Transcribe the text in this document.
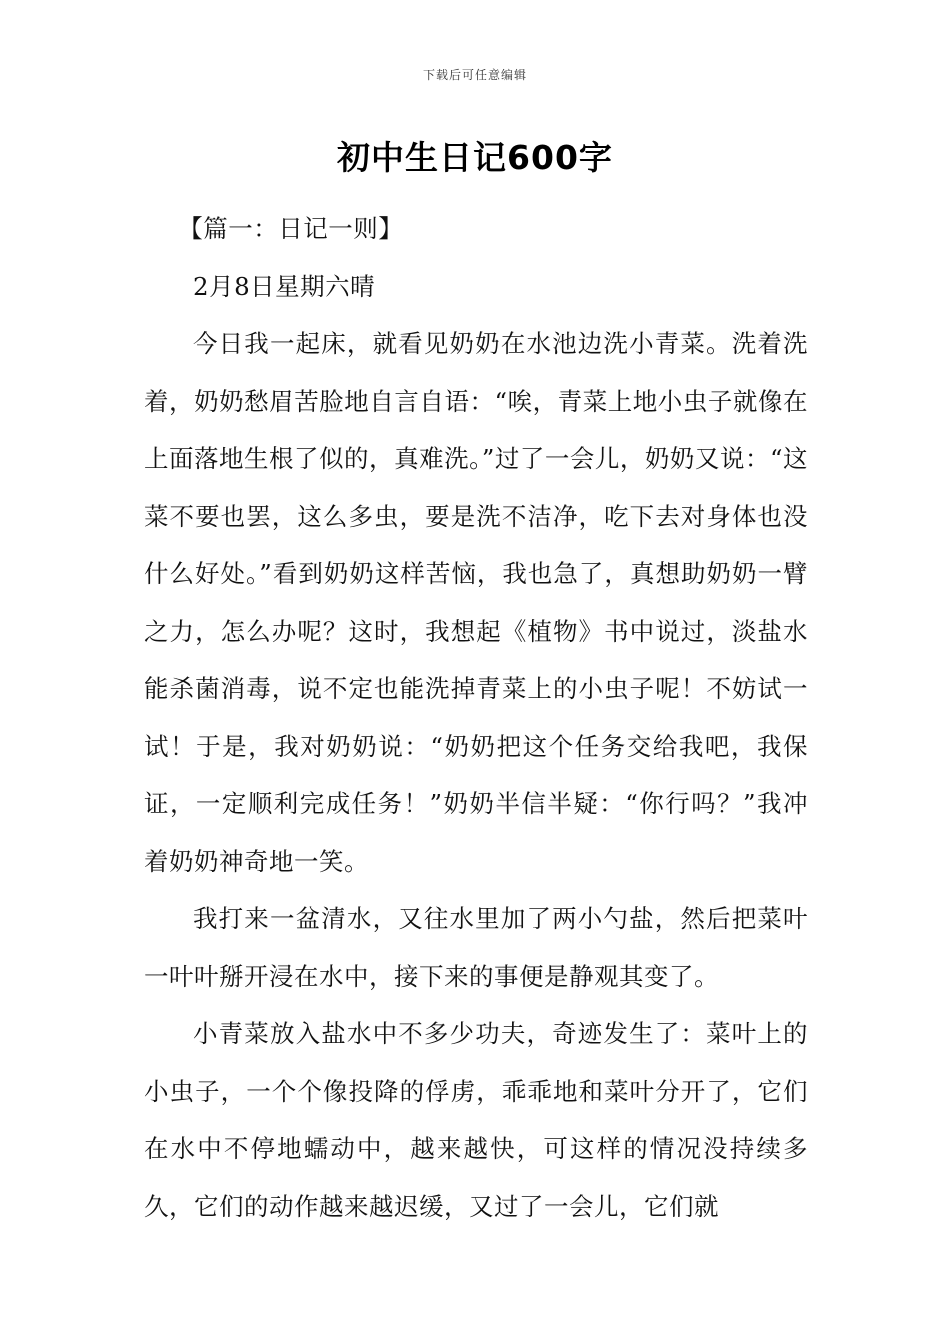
下载后可任意编辑
初中生日记600字

【篇一：日记一则】

2月8日星期六晴

今日我一起床，就看见奶奶在水池边洗小青菜。洗着洗着，奶奶愁眉苦脸地自言自语：“唉，青菜上地小虫子就像在上面落地生根了似的，真难洗。”过了一会儿，奶奶又说：“这菜不要也罢，这么多虫，要是洗不洁净，吃下去对身体也没什么好处。”看到奶奶这样苦恼，我也急了，真想助奶奶一臂之力，怎么办呢？这时，我想起《植物》书中说过，淡盐水能杀菌消毒，说不定也能洗掉青菜上的小虫子呢！不妨试一试！于是，我对奶奶说：“奶奶把这个任务交给我吧，我保证，一定顺利完成任务！”奶奶半信半疑：“你行吗？”我冲着奶奶神奇地一笑。

我打来一盆清水，又往水里加了两小勺盐，然后把菜叶一叶叶掰开浸在水中，接下来的事便是静观其变了。

小青菜放入盐水中不多少功夫，奇迹发生了：菜叶上的小虫子，一个个像投降的俘虏，乖乖地和菜叶分开了，它们在水中不停地蠕动中，越来越快，可这样的情况没持续多久，它们的动作越来越迟缓，又过了一会儿，它们就
